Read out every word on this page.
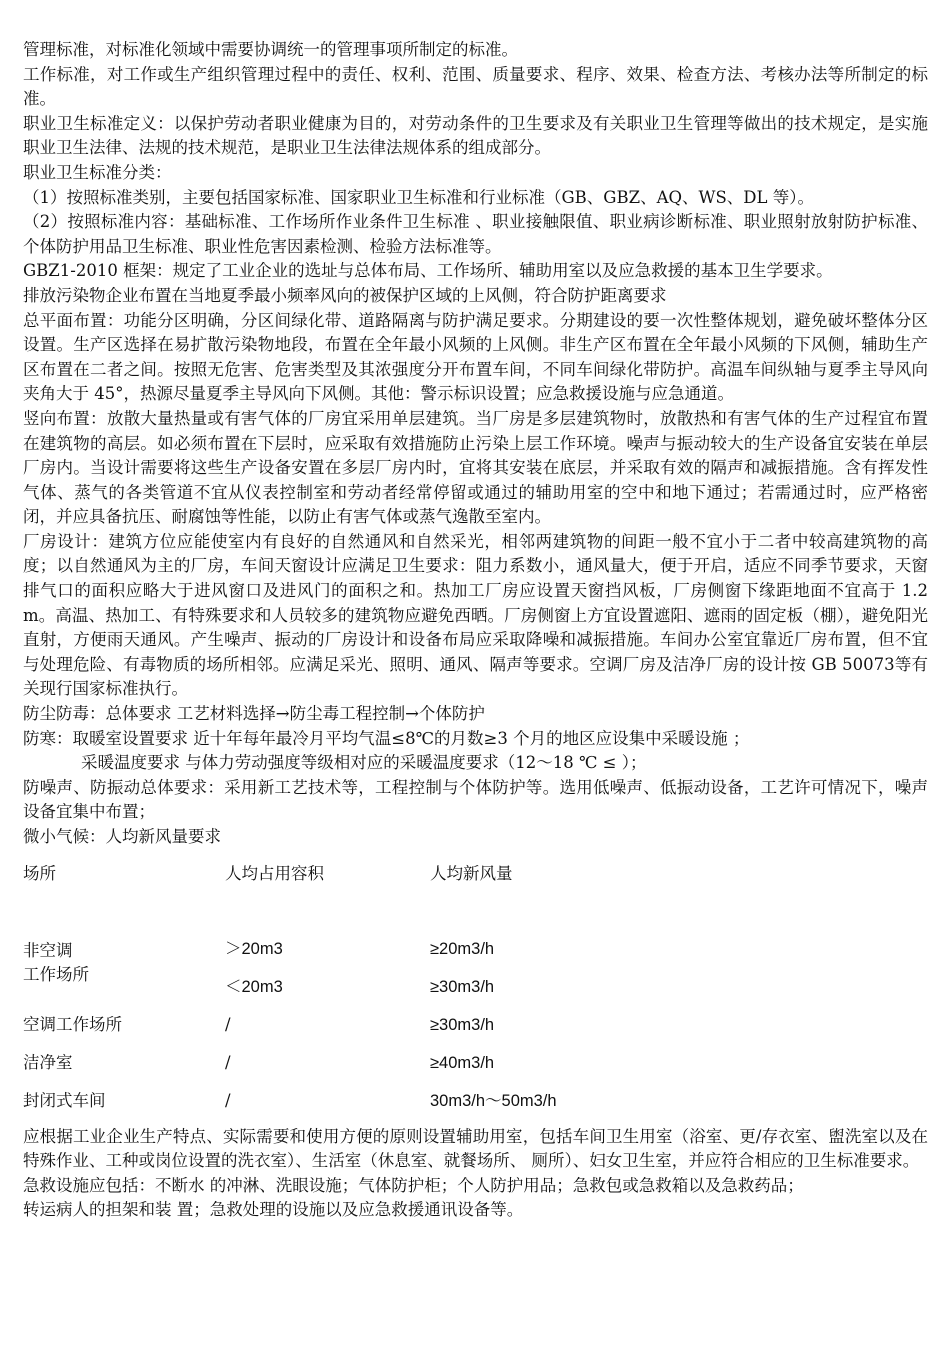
管理标准，对标准化领域中需要协调统一的管理事项所制定的标准。

工作标准，对工作或生产组织管理过程中的责任、权利、范围、质量要求、程序、效果、检查方法、考核办法等所制定的标准。

职业卫生标准定义：以保护劳动者职业健康为目的，对劳动条件的卫生要求及有关职业卫生管理等做出的技术规定，是实施职业卫生法律、法规的技术规范，是职业卫生法律法规体系的组成部分。

职业卫生标准分类：

（1）按照标准类别，主要包括国家标准、国家职业卫生标准和行业标准（GB、GBZ、AQ、WS、DL 等）。

（2）按照标准内容：基础标准、工作场所作业条件卫生标准 、职业接触限值、职业病诊断标准、职业照射放射防护标准、个体防护用品卫生标准、职业性危害因素检测、检验方法标准等。

GBZ1-2010 框架：规定了工业企业的选址与总体布局、工作场所、辅助用室以及应急救援的基本卫生学要求。

排放污染物企业布置在当地夏季最小频率风向的被保护区域的上风侧，符合防护距离要求

总平面布置：功能分区明确，分区间绿化带、道路隔离与防护满足要求。分期建设的要一次性整体规划，避免破坏整体分区设置。生产区选择在易扩散污染物地段，布置在全年最小风频的上风侧。非生产区布置在全年最小风频的下风侧，辅助生产区布置在二者之间。按照无危害、危害类型及其浓强度分开布置车间，不同车间绿化带防护。高温车间纵轴与夏季主导风向夹角大于 45°，热源尽量夏季主导风向下风侧。其他：警示标识设置；应急救援设施与应急通道。

竖向布置：放散大量热量或有害气体的厂房宜采用单层建筑。当厂房是多层建筑物时，放散热和有害气体的生产过程宜布置在建筑物的高层。如必须布置在下层时，应采取有效措施防止污染上层工作环境。噪声与振动较大的生产设备宜安装在单层厂房内。当设计需要将这些生产设备安置在多层厂房内时，宜将其安装在底层，并采取有效的隔声和减振措施。含有挥发性气体、蒸气的各类管道不宜从仪表控制室和劳动者经常停留或通过的辅助用室的空中和地下通过；若需通过时，应严格密闭，并应具备抗压、耐腐蚀等性能，以防止有害气体或蒸气逸散至室内。

厂房设计：建筑方位应能使室内有良好的自然通风和自然采光，相邻两建筑物的间距一般不宜小于二者中较高建筑物的高度；以自然通风为主的厂房，车间天窗设计应满足卫生要求：阻力系数小，通风量大，便于开启，适应不同季节要求，天窗排气口的面积应略大于进风窗口及进风门的面积之和。热加工厂房应设置天窗挡风板，厂房侧窗下缘距地面不宜高于 1.2m。高温、热加工、有特殊要求和人员较多的建筑物应避免西晒。厂房侧窗上方宜设置遮阳、遮雨的固定板（棚），避免阳光直射，方便雨天通风。产生噪声、振动的厂房设计和设备布局应采取降噪和减振措施。车间办公室宜靠近厂房布置，但不宜与处理危险、有毒物质的场所相邻。应满足采光、照明、通风、隔声等要求。空调厂房及洁净厂房的设计按 GB 50073等有关现行国家标准执行。

防尘防毒：总体要求 工艺材料选择→防尘毒工程控制→个体防护

防寒：取暖室设置要求 近十年每年最冷月平均气温≤8℃的月数≥3 个月的地区应设集中采暖设施 ；

采暖温度要求 与体力劳动强度等级相对应的采暖温度要求（12～18 ℃ ≤ ）；

防噪声、防振动总体要求：采用新工艺技术等，工程控制与个体防护等。选用低噪声、低振动设备，工艺许可情况下，噪声设备宜集中布置；

微小气候：人均新风量要求

场所	人均占用容积	人均新风量

非空调
工作场所	＞20m3	≥20m3/h
	＜20m3	≥30m3/h
空调工作场所	/	≥30m3/h
洁净室	/	≥40m3/h
封闭式车间	/	30m3/h～50m3/h

应根据工业企业生产特点、实际需要和使用方便的原则设置辅助用室，包括车间卫生用室（浴室、更/存衣室、盥洗室以及在特殊作业、工种或岗位设置的洗衣室）、生活室（休息室、就餐场所、 厕所）、妇女卫生室，并应符合相应的卫生标准要求。

急救设施应包括：不断水 的冲淋、洗眼设施；气体防护柜；个人防护用品；急救包或急救箱以及急救药品；

转运病人的担架和装 置；急救处理的设施以及应急救援通讯设备等。
